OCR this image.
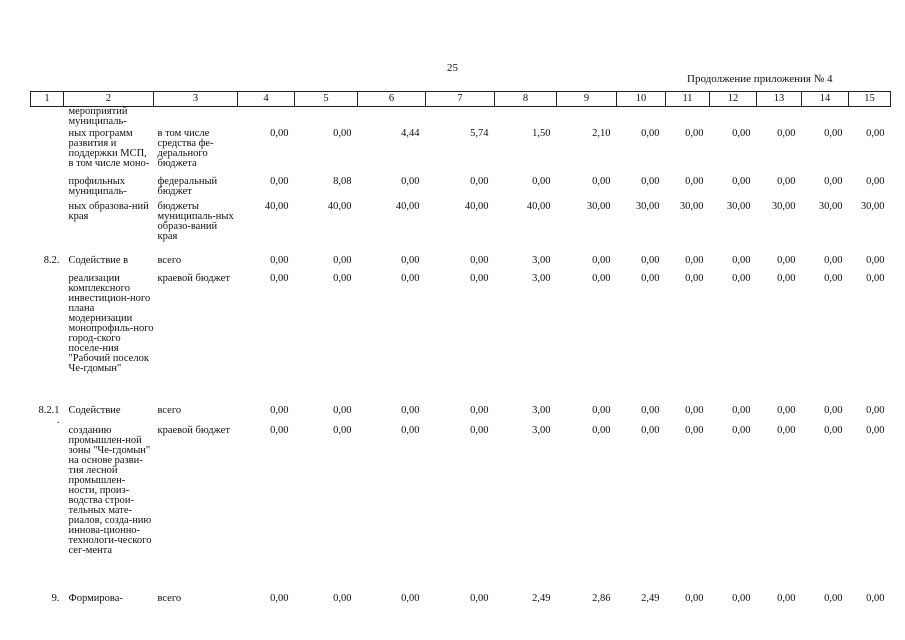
25
Продолжение приложения № 4
1	2	3	4	5	6	7	8	9	10	11	12	13	14	15
	мероприятий муниципаль-													
	ных программ развития и поддержки МСП, в том числе моно-	в том числе средства фе-дерального бюджета	0,00	0,00	4,44	5,74	1,50	2,10	0,00	0,00	0,00	0,00	0,00	0,00
	профильных муниципаль-	федеральный бюджет	0,00	8,08	0,00	0,00	0,00	0,00	0,00	0,00	0,00	0,00	0,00	0,00
	ных образова-ний края	бюджеты муниципаль-ных образо-ваний края	40,00	40,00	40,00	40,00	40,00	30,00	30,00	30,00	30,00	30,00	30,00	30,00

8.2.	Содействие в	всего	0,00	0,00	0,00	0,00	3,00	0,00	0,00	0,00	0,00	0,00	0,00	0,00
	реализации комплексного инвестицион-ного плана модернизации монопрофиль-ного город-ского поселе-ния "Рабочий поселок Че-гдомын"	краевой бюджет	0,00	0,00	0,00	0,00	3,00	0,00	0,00	0,00	0,00	0,00	0,00	0,00

8.2.1 .	Содействие	всего	0,00	0,00	0,00	0,00	3,00	0,00	0,00	0,00	0,00	0,00	0,00	0,00
	созданию промышлен-ной зоны "Че-гдомын" на основе разви-тия лесной промышлен-ности, произ-водства строи-тельных мате-риалов, созда-нию иннова-ционно-технологи-ческого сег-мента	краевой бюджет	0,00	0,00	0,00	0,00	3,00	0,00	0,00	0,00	0,00	0,00	0,00	0,00
9.	Формирова-	всего	0,00	0,00	0,00	0,00	2,49	2,86	2,49	0,00	0,00	0,00	0,00	0,00
